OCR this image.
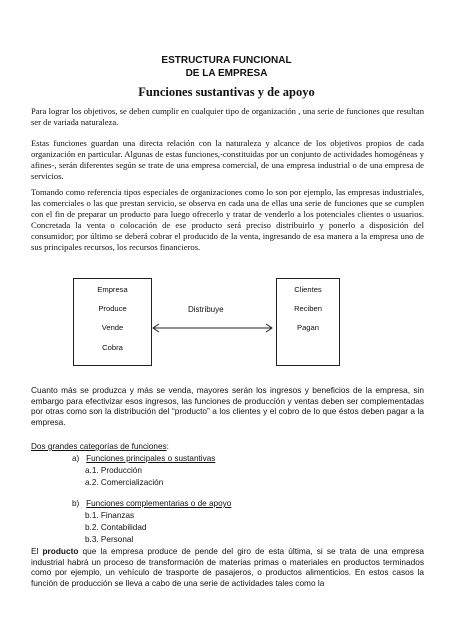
ESTRUCTURA FUNCIONAL
DE LA EMPRESA
Funciones sustantivas y de apoyo

Para lograr los objetivos, se deben cumplir en cualquier tipo de organización , una serie de funciones que resultan ser de variada naturaleza.

Estas funciones guardan una directa relación con la naturaleza y alcance de los objetivos propios de cada organización en particular. Algunas de estas funciones,-constituidas por un conjunto de actividades homogéneas y afines-, serán diferentes según se trate de una empresa comercial, de una empresa industrial o de una empresa de servicios.

Tomando como referencia tipos especiales de organizaciones como lo son por ejemplo, las empresas industriales, las comerciales o las que prestan servicio, se observa en cada una de ellas una serie de funciones que se cumplen con el fin de preparar un producto para luego ofrecerlo y tratar de venderlo a los potenciales clientes o usuarios. Concretada la venta o colocación de ese producto será preciso distribuirlo y ponerlo a disposición del consumidor; por último se deberá cobrar el producido de la venta, ingresando de esa manera a la empresa uno de sus principales recursos, los recursos financieros.

Empresa
Produce
Vende
Cobra
Distribuye
Clientes
Reciben
Pagan

Cuanto más se produzca y más se venda, mayores serán los ingresos y beneficios de la empresa, sin embargo para efectivizar esos ingresos, las funciones de producción y ventas deben ser complementadas por otras como son la distribución del “producto” a los clientes y el cobro de lo que éstos deben pagar a la empresa.

Dos grandes categorías de funciones:
a) Funciones principales o sustantivas
a.1. Producción
a.2. Comercialización
b) Funciones complementarias o de apoyo
b.1. Finanzas
b.2. Contabilidad
b.3. Personal

El producto que la empresa produce de pende del giro de esta última, si se trata de una empresa industrial habrá un proceso de transformación de materias primas o materiales en productos terminados como por ejemplo, un vehículo de trasporte de pasajeros, o productos alimenticios. En estos casos la función de producción se lleva a cabo de una serie de actividades tales como la
